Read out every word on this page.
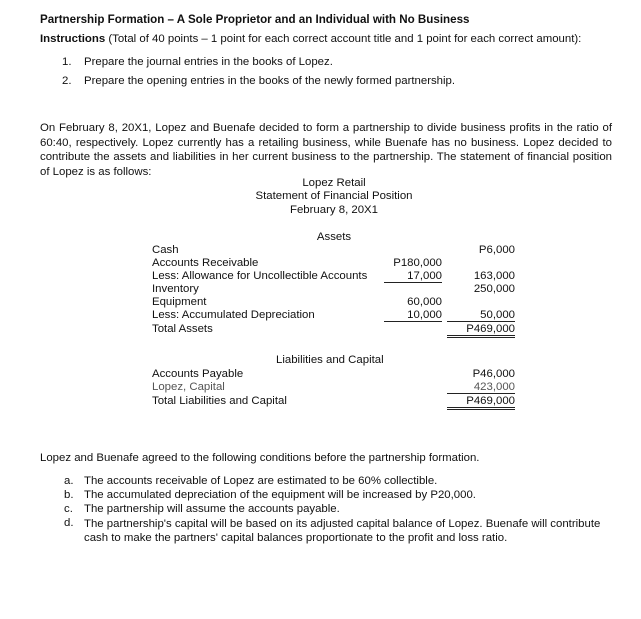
Partnership Formation – A Sole Proprietor and an Individual with No Business
Instructions (Total of 40 points – 1 point for each correct account title and 1 point for each correct amount):
1. Prepare the journal entries in the books of Lopez.
2. Prepare the opening entries in the books of the newly formed partnership.
On February 8, 20X1, Lopez and Buenafe decided to form a partnership to divide business profits in the ratio of 60:40, respectively. Lopez currently has a retailing business, while Buenafe has no business. Lopez decided to contribute the assets and liabilities in her current business to the partnership. The statement of financial position of Lopez is as follows:
Lopez Retail
Statement of Financial Position
February 8, 20X1
Assets
Cash	P6,000
Accounts Receivable	P180,000
Less: Allowance for Uncollectible Accounts	17,000	163,000
Inventory	250,000
Equipment	60,000
Less: Accumulated Depreciation	10,000	50,000
Total Assets	P469,000
Liabilities and Capital
Accounts Payable	P46,000
Lopez, Capital	423,000
Total Liabilities and Capital	P469,000
Lopez and Buenafe agreed to the following conditions before the partnership formation.
a. The accounts receivable of Lopez are estimated to be 60% collectible.
b. The accumulated depreciation of the equipment will be increased by P20,000.
c. The partnership will assume the accounts payable.
d. The partnership's capital will be based on its adjusted capital balance of Lopez. Buenafe will contribute cash to make the partners' capital balances proportionate to the profit and loss ratio.
